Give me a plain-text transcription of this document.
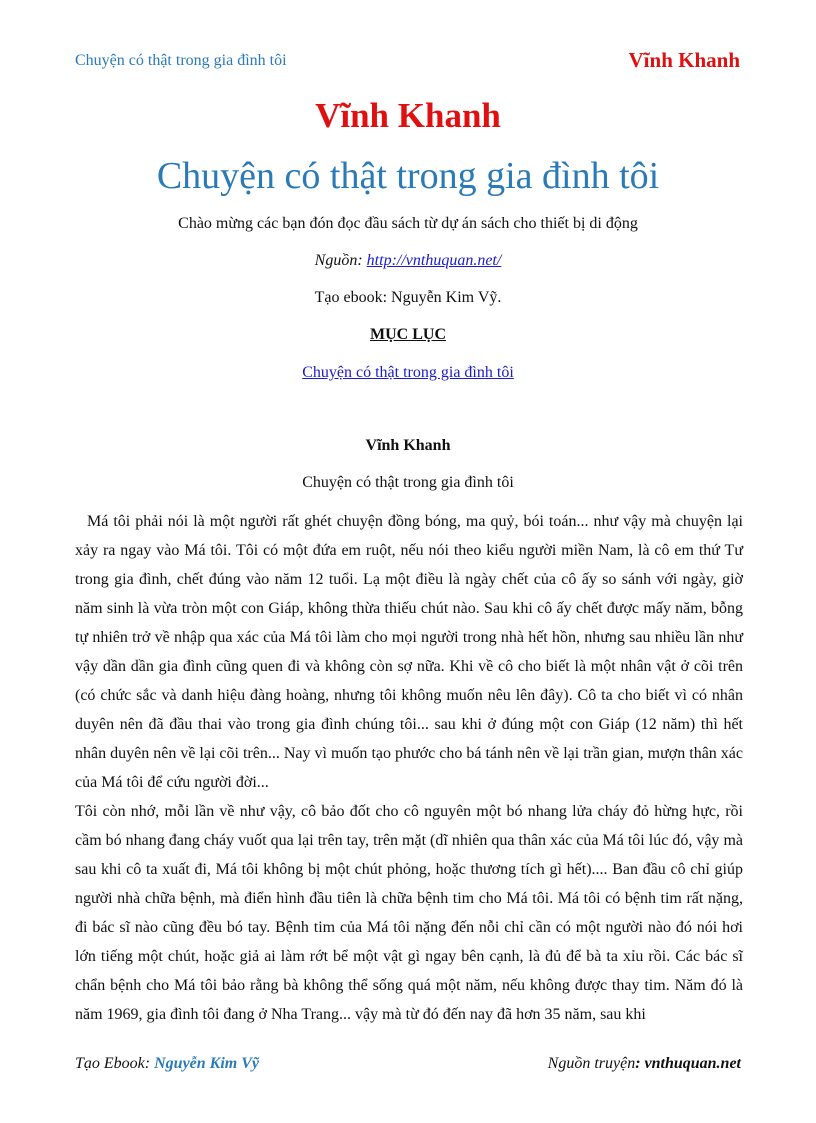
Chuyện có thật trong gia đình tôi	Vĩnh Khanh
Vĩnh Khanh
Chuyện có thật trong gia đình tôi
Chào mừng các bạn đón đọc đầu sách từ dự án sách cho thiết bị di động
Nguồn: http://vnthuquan.net/
Tạo ebook: Nguyễn Kim Vỹ.
MỤC LỤC
Chuyện có thật trong gia đình tôi
Vĩnh Khanh
Chuyện có thật trong gia đình tôi

Má tôi phải nói là một người rất ghét chuyện đồng bóng, ma quỷ, bói toán... như vậy mà chuyện lại xảy ra ngay vào Má tôi. Tôi có một đứa em ruột, nếu nói theo kiểu người miền Nam, là cô em thứ Tư trong gia đình, chết đúng vào năm 12 tuổi. Lạ một điều là ngày chết của cô ấy so sánh với ngày, giờ năm sinh là vừa tròn một con Giáp, không thừa thiếu chút nào. Sau khi cô ấy chết được mấy năm, bỗng tự nhiên trở về nhập qua xác của Má tôi làm cho mọi người trong nhà hết hồn, nhưng sau nhiều lần như vậy dần dần gia đình cũng quen đi và không còn sợ nữa. Khi về cô cho biết là một nhân vật ở cõi trên (có chức sắc và danh hiệu đàng hoàng, nhưng tôi không muốn nêu lên đây). Cô ta cho biết vì có nhân duyên nên đã đầu thai vào trong gia đình chúng tôi... sau khi ở đúng một con Giáp (12 năm) thì hết nhân duyên nên về lại cõi trên... Nay vì muốn tạo phước cho bá tánh nên về lại trần gian, mượn thân xác của Má tôi để cứu người đời...

Tôi còn nhớ, mỗi lần về như vậy, cô bảo đốt cho cô nguyên một bó nhang lửa cháy đỏ hừng hực, rồi cầm bó nhang đang cháy vuốt qua lại trên tay, trên mặt (dĩ nhiên qua thân xác của Má tôi lúc đó, vậy mà sau khi cô ta xuất đi, Má tôi không bị một chút phỏng, hoặc thương tích gì hết).... Ban đầu cô chỉ giúp người nhà chữa bệnh, mà điển hình đầu tiên là chữa bệnh tim cho Má tôi. Má tôi có bệnh tim rất nặng, đi bác sĩ nào cũng đều bó tay. Bệnh tim của Má tôi nặng đến nỗi chỉ cần có một người nào đó nói hơi lớn tiếng một chút, hoặc giả ai làm rớt bể một vật gì ngay bên cạnh, là đủ để bà ta xỉu rồi. Các bác sĩ chẩn bệnh cho Má tôi bảo rằng bà không thể sống quá một năm, nếu không được thay tim. Năm đó là năm 1969, gia đình tôi đang ở Nha Trang... vậy mà từ đó đến nay đã hơn 35 năm, sau khi

Tạo Ebook: Nguyễn Kim Vỹ	Nguồn truyện: vnthuquan.net
